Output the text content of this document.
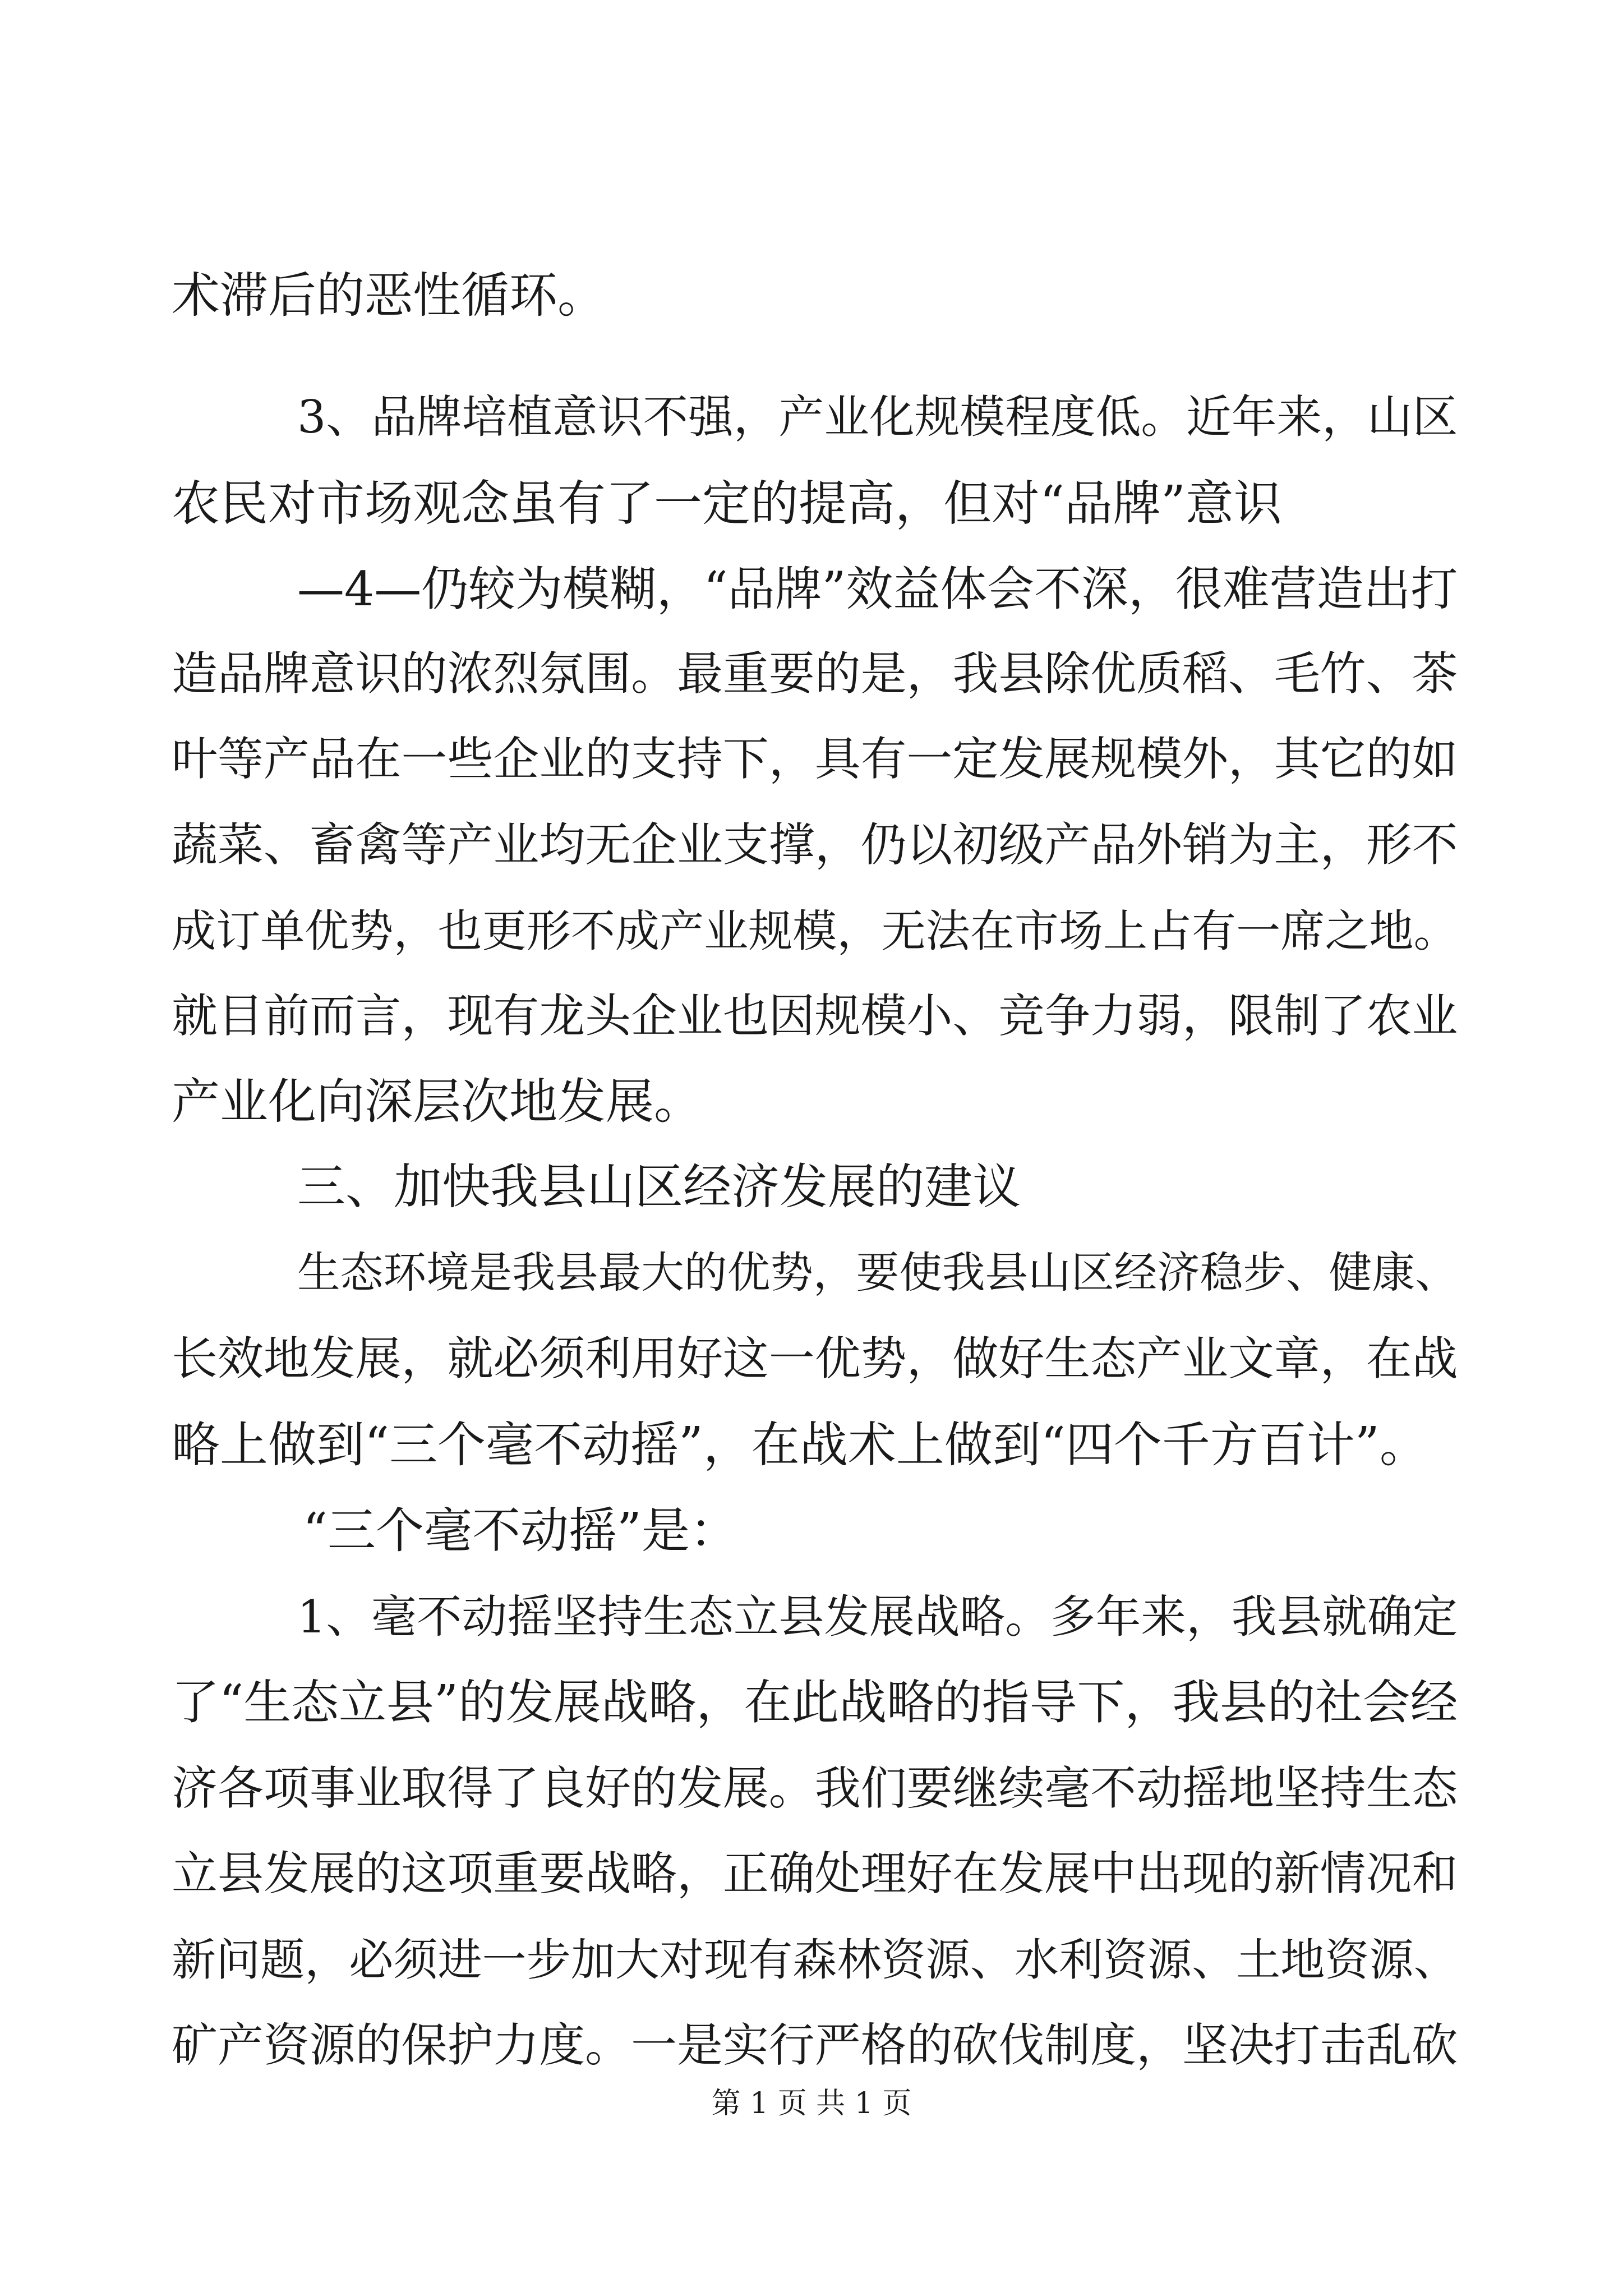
术滞后的恶性循环。
3、品牌培植意识不强，产业化规模程度低。近年来，山区
农民对市场观念虽有了一定的提高，但对“品牌”意识
—4—仍较为模糊，“品牌”效益体会不深，很难营造出打
造品牌意识的浓烈氛围。最重要的是，我县除优质稻、毛竹、茶
叶等产品在一些企业的支持下，具有一定发展规模外，其它的如
蔬菜、畜禽等产业均无企业支撑，仍以初级产品外销为主，形不
成订单优势，也更形不成产业规模，无法在市场上占有一席之地。
就目前而言，现有龙头企业也因规模小、竞争力弱，限制了农业
产业化向深层次地发展。
三、加快我县山区经济发展的建议
生态环境是我县最大的优势，要使我县山区经济稳步、健康、
长效地发展，就必须利用好这一优势，做好生态产业文章，在战
略上做到“三个毫不动摇”，在战术上做到“四个千方百计”。
“三个毫不动摇”是：
1、毫不动摇坚持生态立县发展战略。多年来，我县就确定
了“生态立县”的发展战略，在此战略的指导下，我县的社会经
济各项事业取得了良好的发展。我们要继续毫不动摇地坚持生态
立县发展的这项重要战略，正确处理好在发展中出现的新情况和
新问题，必须进一步加大对现有森林资源、水利资源、土地资源、
矿产资源的保护力度。一是实行严格的砍伐制度，坚决打击乱砍
第 1 页 共 1 页
